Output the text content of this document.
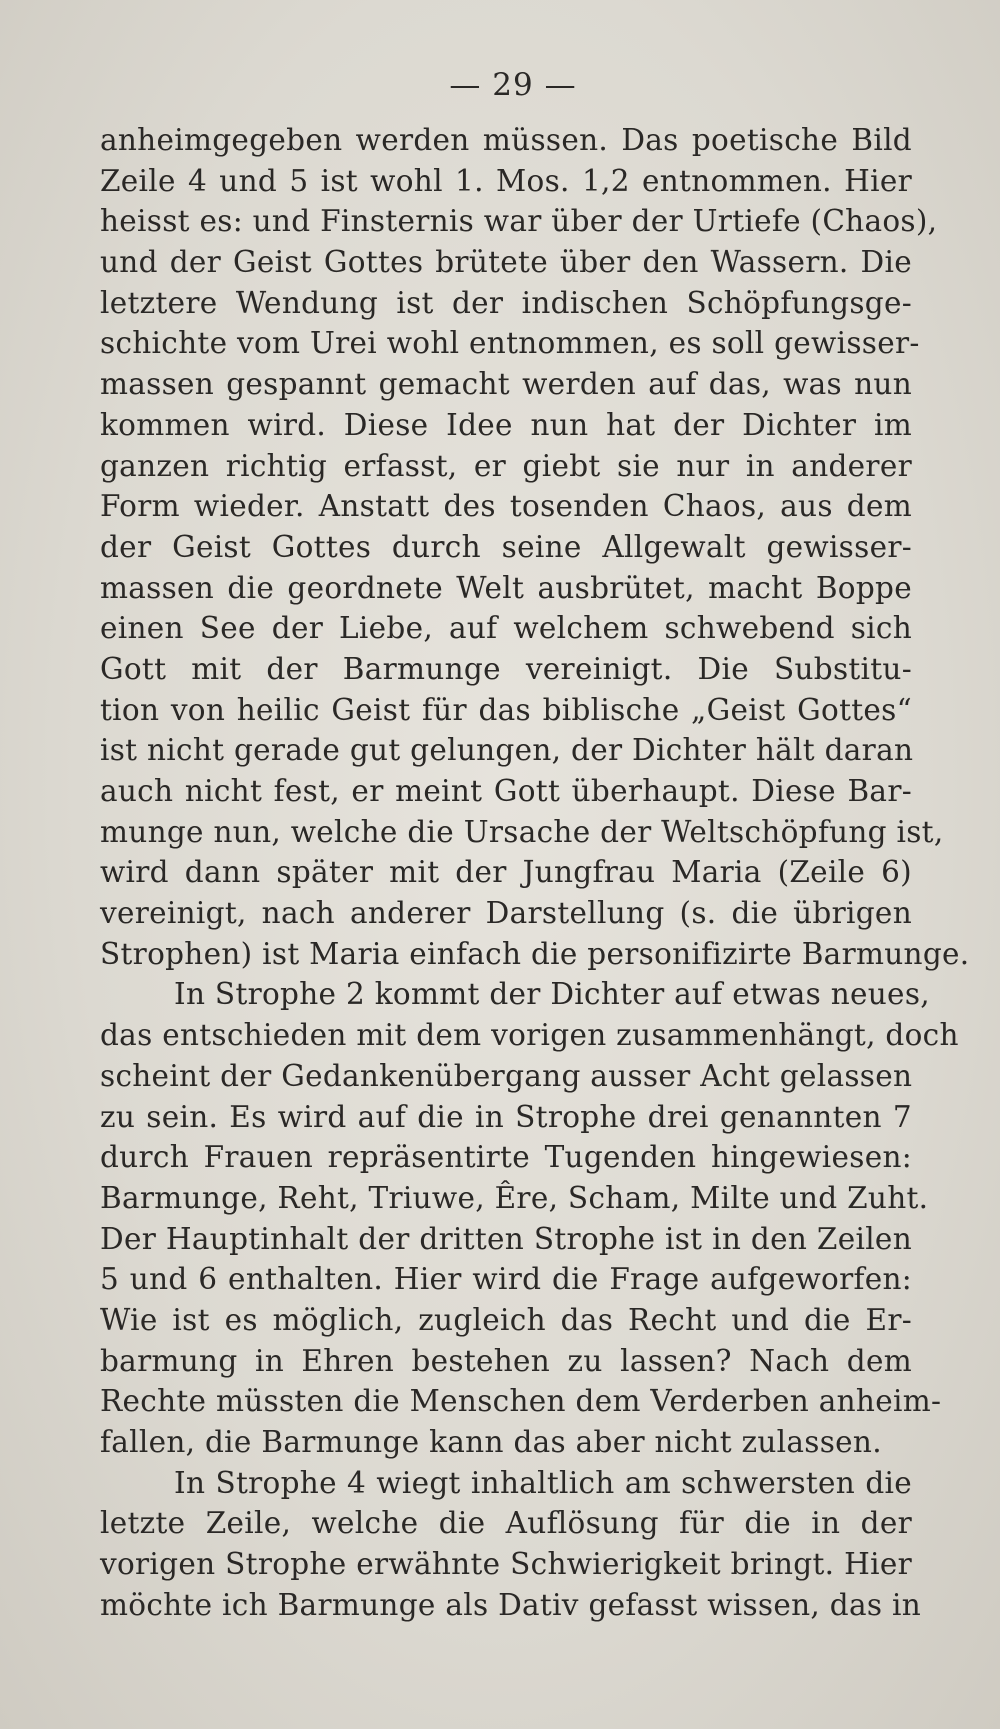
— 29 —
anheimgegeben werden müssen. Das poetische Bild
Zeile 4 und 5 ist wohl 1. Mos. 1,2 entnommen. Hier
heisst es: und Finsternis war über der Urtiefe (Chaos),
und der Geist Gottes brütete über den Wassern. Die
letztere Wendung ist der indischen Schöpfungsge-
schichte vom Urei wohl entnommen, es soll gewisser-
massen gespannt gemacht werden auf das, was nun
kommen wird. Diese Idee nun hat der Dichter im
ganzen richtig erfasst, er giebt sie nur in anderer
Form wieder. Anstatt des tosenden Chaos, aus dem
der Geist Gottes durch seine Allgewalt gewisser-
massen die geordnete Welt ausbrütet, macht Boppe
einen See der Liebe, auf welchem schwebend sich
Gott mit der Barmunge vereinigt. Die Substitu-
tion von heilic Geist für das biblische „Geist Gottes“
ist nicht gerade gut gelungen, der Dichter hält daran
auch nicht fest, er meint Gott überhaupt. Diese Bar-
munge nun, welche die Ursache der Weltschöpfung ist,
wird dann später mit der Jungfrau Maria (Zeile 6)
vereinigt, nach anderer Darstellung (s. die übrigen
Strophen) ist Maria einfach die personifizirte Barmunge.
In Strophe 2 kommt der Dichter auf etwas neues,
das entschieden mit dem vorigen zusammenhängt, doch
scheint der Gedankenübergang ausser Acht gelassen
zu sein. Es wird auf die in Strophe drei genannten 7
durch Frauen repräsentirte Tugenden hingewiesen:
Barmunge, Reht, Triuwe, Êre, Scham, Milte und Zuht.
Der Hauptinhalt der dritten Strophe ist in den Zeilen
5 und 6 enthalten. Hier wird die Frage aufgeworfen:
Wie ist es möglich, zugleich das Recht und die Er-
barmung in Ehren bestehen zu lassen? Nach dem
Rechte müssten die Menschen dem Verderben anheim-
fallen, die Barmunge kann das aber nicht zulassen.
In Strophe 4 wiegt inhaltlich am schwersten die
letzte Zeile, welche die Auflösung für die in der
vorigen Strophe erwähnte Schwierigkeit bringt. Hier
möchte ich Barmunge als Dativ gefasst wissen, das in
